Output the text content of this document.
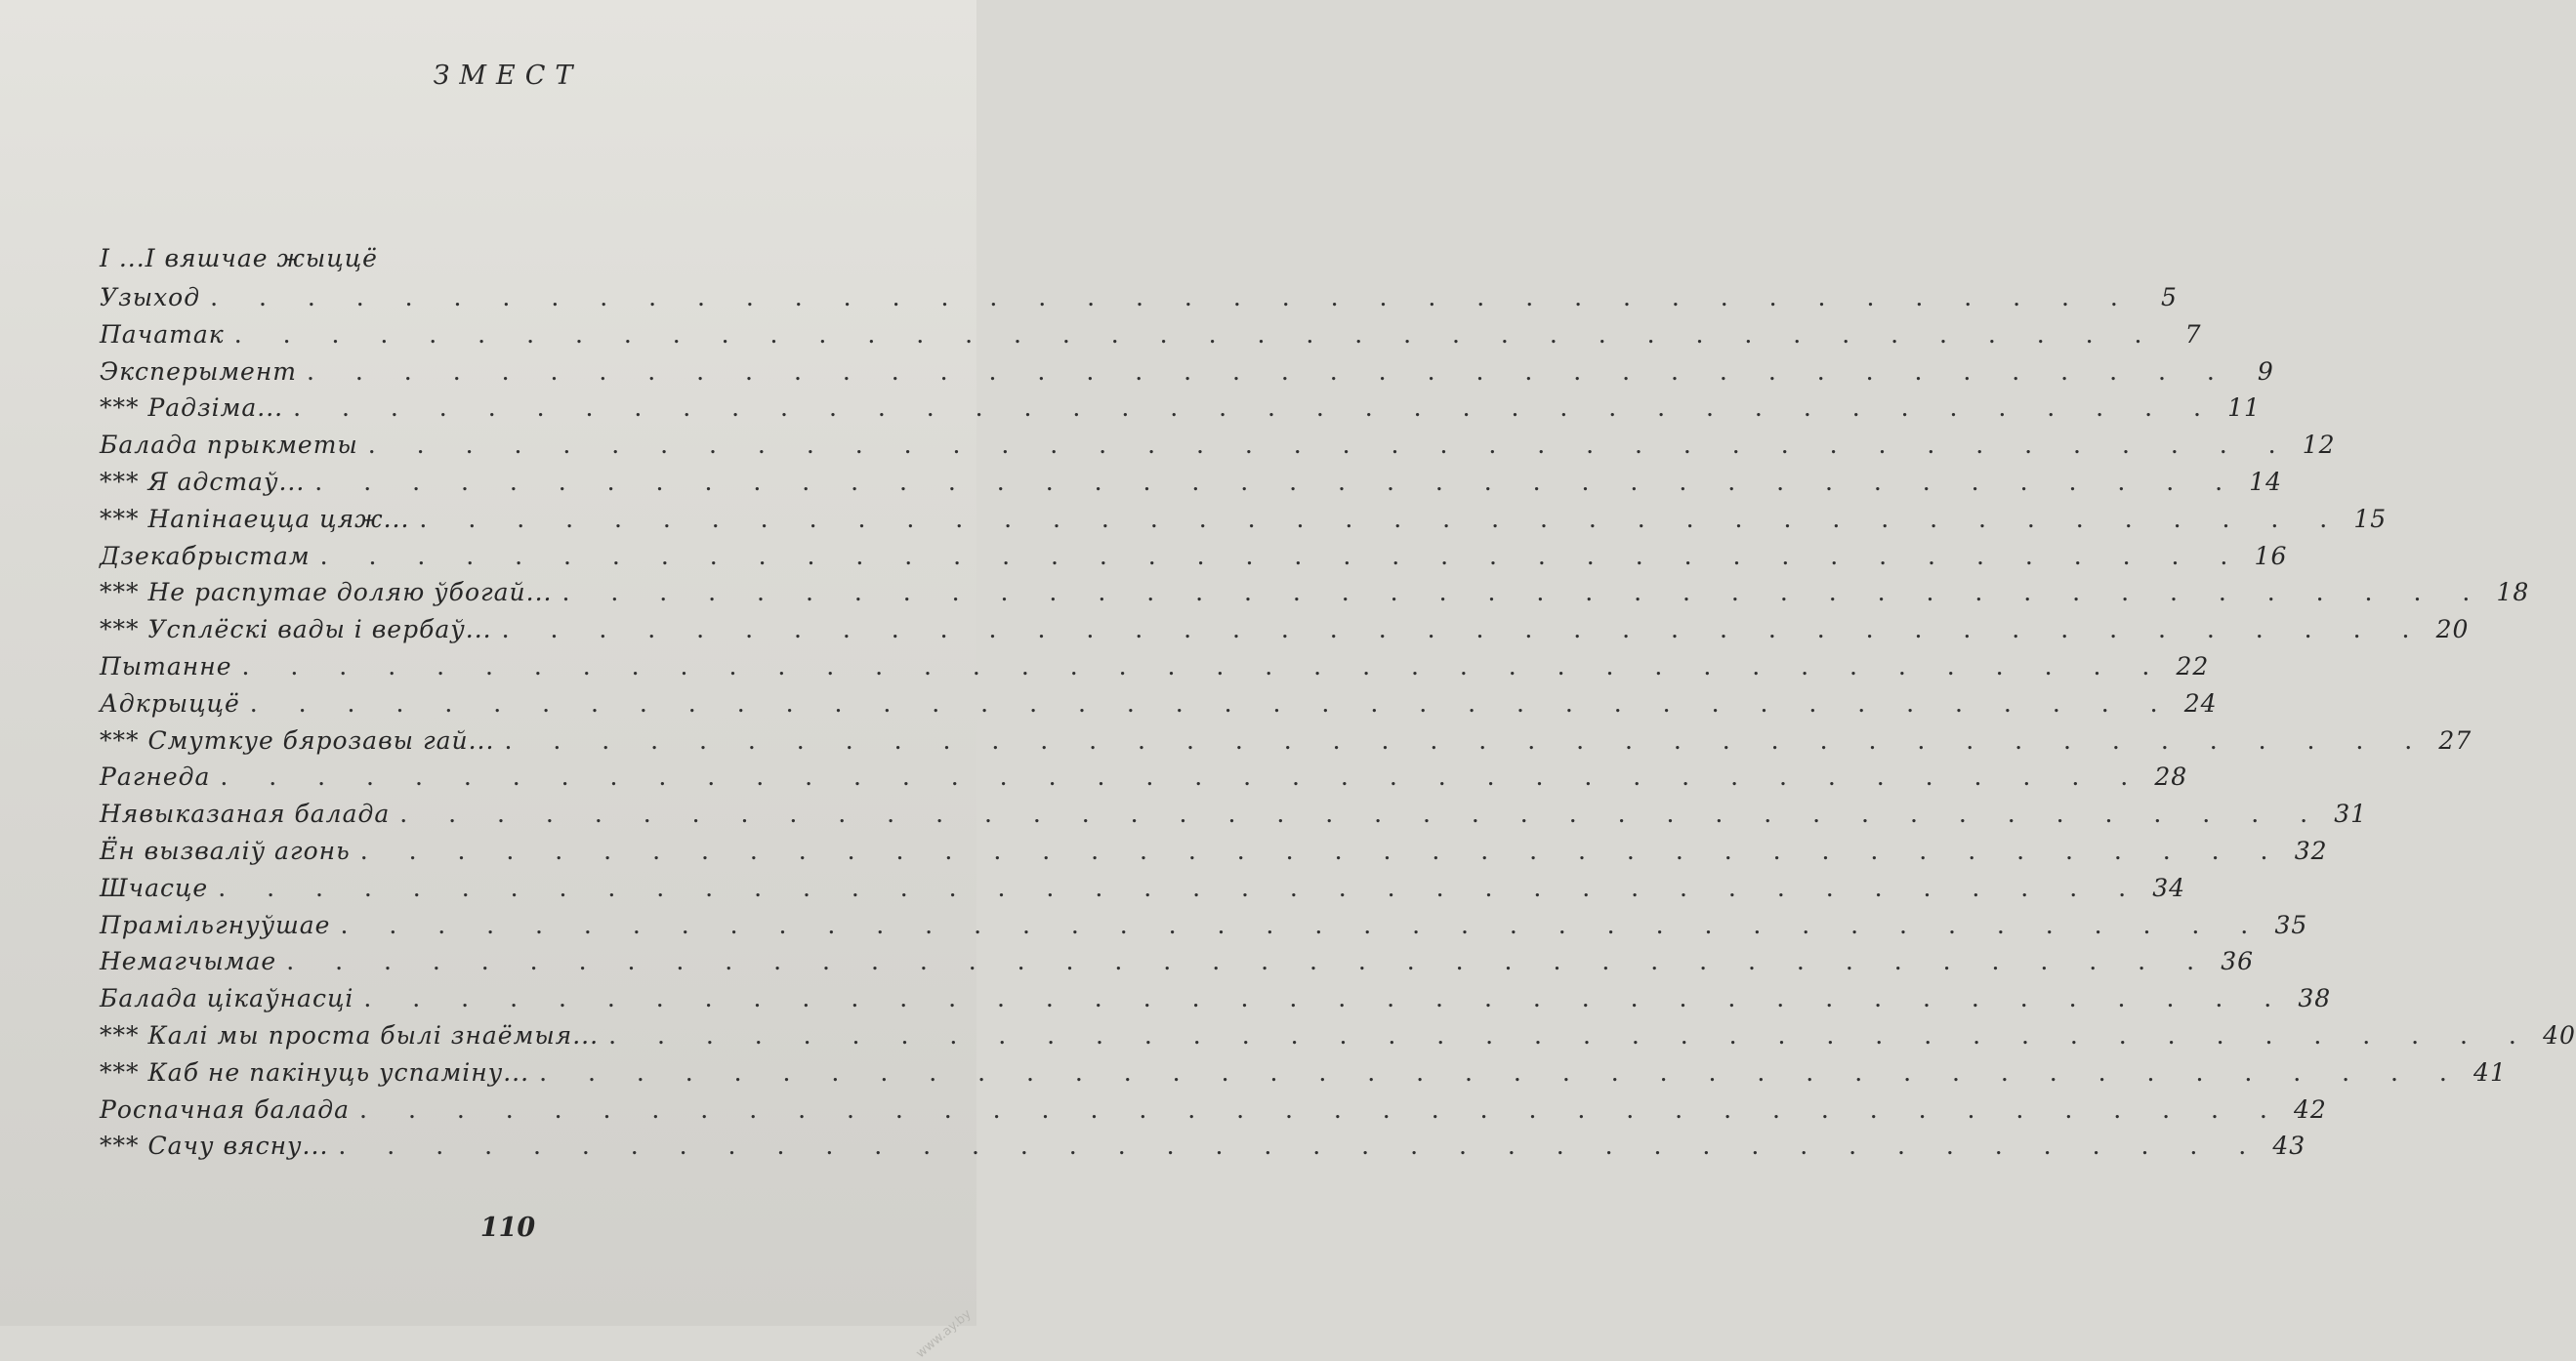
ЗМЕСТ
I ...І вяшчае жыццё
Узыход . . . . . . . . . . . . . . . . . . . . . . . . . . . . . . . . . . . . . . . .	5
Пачатак . . . . . . . . . . . . . . . . . . . . . . . . . . . . . . . . . . . . . . . .	7
Эксперымент . . . . . . . . . . . . . . . . . . . . . . . . . . . . . . . . . . . . . . . .	9
*** Радзіма... . . . . . . . . . . . . . . . . . . . . . . . . . . . . . . . . . . . . . . . . 11
Балада прыкметы . . . . . . . . . . . . . . . . . . . . . . . . . . . . . . . . . . . . . . . . 12
*** Я адстаў... . . . . . . . . . . . . . . . . . . . . . . . . . . . . . . . . . . . . . . . . 14
*** Напінаецца цяж... . . . . . . . . . . . . . . . . . . . . . . . . . . . . . . . . . . . . . . . . 15
Дзекабрыстам . . . . . . . . . . . . . . . . . . . . . . . . . . . . . . . . . . . . . . . . 16
*** Не распутае доляю ўбогай... . . . . . . . . . . . . . . . . . . . . . . . . . . . . . . . . . . . . . . . . 18
*** Усплёскі вады і вербаў... . . . . . . . . . . . . . . . . . . . . . . . . . . . . . . . . . . . . . . . . 20
Пытанне . . . . . . . . . . . . . . . . . . . . . . . . . . . . . . . . . . . . . . . . 22
Адкрыццё . . . . . . . . . . . . . . . . . . . . . . . . . . . . . . . . . . . . . . . . 24
*** Смуткуе бярозавы гай... . . . . . . . . . . . . . . . . . . . . . . . . . . . . . . . . . . . . . . . . 27
Рагнеда . . . . . . . . . . . . . . . . . . . . . . . . . . . . . . . . . . . . . . . . 28
Нявыказаная балада . . . . . . . . . . . . . . . . . . . . . . . . . . . . . . . . . . . . . . . . 31
Ён вызваліў агонь . . . . . . . . . . . . . . . . . . . . . . . . . . . . . . . . . . . . . . . . 32
Шчасце . . . . . . . . . . . . . . . . . . . . . . . . . . . . . . . . . . . . . . . . 34
Прамільгнуўшае . . . . . . . . . . . . . . . . . . . . . . . . . . . . . . . . . . . . . . . . 35
Немагчымае . . . . . . . . . . . . . . . . . . . . . . . . . . . . . . . . . . . . . . . . 36
Балада цікаўнасці . . . . . . . . . . . . . . . . . . . . . . . . . . . . . . . . . . . . . . . . 38
*** Калі мы проста былі знаёмыя... . . . . . . . . . . . . . . . . . . . . . . . . . . . . . . . . . . . . . . . . 40
*** Каб не пакінуць успаміну... . . . . . . . . . . . . . . . . . . . . . . . . . . . . . . . . . . . . . . . . 41
Роспачная балада . . . . . . . . . . . . . . . . . . . . . . . . . . . . . . . . . . . . . . . . 42
*** Сачу вясну... . . . . . . . . . . . . . . . . . . . . . . . . . . . . . . . . . . . . . . . . 43
110
www.ay.by
